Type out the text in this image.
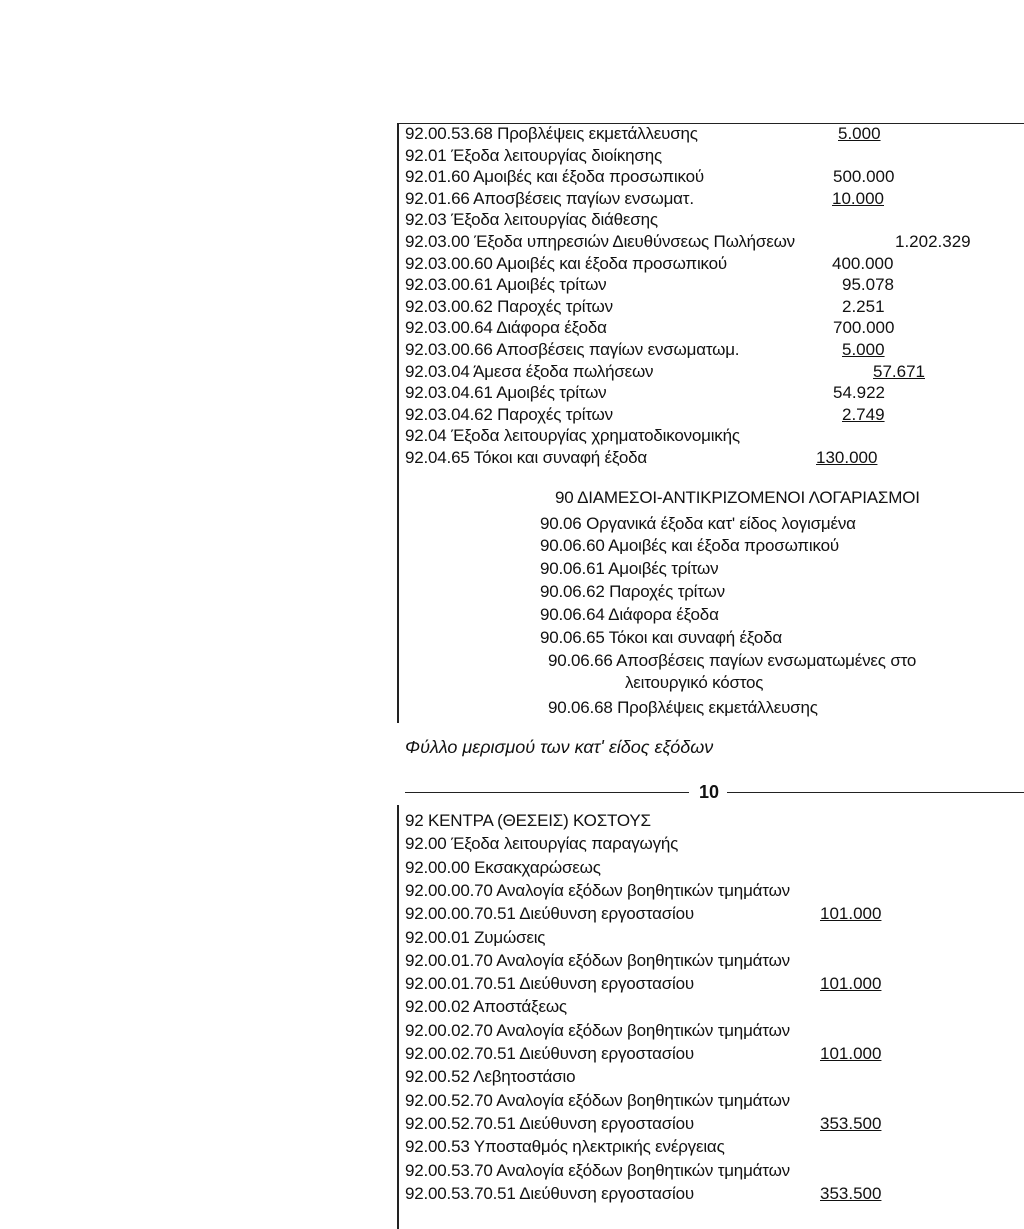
92.00.53.68 Προβλέψεις εκμετάλλευσης	5.000
92.01 Έξοδα λειτουργίας διοίκησης
92.01.60 Αμοιβές και έξοδα προσωπικού	500.000
92.01.66 Αποσβέσεις παγίων ενσωματ.	10.000
92.03 Έξοδα λειτουργίας διάθεσης
92.03.00 Έξοδα υπηρεσιών Διευθύνσεως Πωλήσεων	1.202.329
92.03.00.60 Αμοιβές και έξοδα προσωπικού	400.000
92.03.00.61 Αμοιβές τρίτων	95.078
92.03.00.62 Παροχές τρίτων	2.251
92.03.00.64 Διάφορα έξοδα	700.000
92.03.00.66 Αποσβέσεις παγίων ενσωματωμ.	5.000
92.03.04 Άμεσα έξοδα πωλήσεων	57.671
92.03.04.61 Αμοιβές τρίτων	54.922
92.03.04.62 Παροχές τρίτων	2.749
92.04 Έξοδα λειτουργίας χρηματοδικονομικής
92.04.65 Τόκοι και συναφή έξοδα	130.000
90 ΔΙΑΜΕΣΟΙ-ΑΝΤΙΚΡΙΖΟΜΕΝΟΙ ΛΟΓΑΡΙΑΣΜΟΙ
90.06 Οργανικά έξοδα κατ' είδος λογισμένα
90.06.60 Αμοιβές και έξοδα προσωπικού
90.06.61 Αμοιβές τρίτων
90.06.62 Παροχές τρίτων
90.06.64 Διάφορα έξοδα
90.06.65 Τόκοι και συναφή έξοδα
90.06.66 Αποσβέσεις παγίων ενσωματωμένες στο
λειτουργικό κόστος
90.06.68 Προβλέψεις εκμετάλλευσης
Φύλλο μερισμού των κατ' είδος εξόδων
10
92 ΚΕΝΤΡΑ (ΘΕΣΕΙΣ) ΚΟΣΤΟΥΣ
92.00 Έξοδα λειτουργίας παραγωγής
92.00.00 Εκσακχαρώσεως
92.00.00.70 Αναλογία εξόδων βοηθητικών τμημάτων
92.00.00.70.51 Διεύθυνση εργοστασίου	101.000
92.00.01 Ζυμώσεις
92.00.01.70 Αναλογία εξόδων βοηθητικών τμημάτων
92.00.01.70.51 Διεύθυνση εργοστασίου	101.000
92.00.02 Αποστάξεως
92.00.02.70 Αναλογία εξόδων βοηθητικών τμημάτων
92.00.02.70.51 Διεύθυνση εργοστασίου	101.000
92.00.52 Λεβητοστάσιο
92.00.52.70 Αναλογία εξόδων βοηθητικών τμημάτων
92.00.52.70.51 Διεύθυνση εργοστασίου	353.500
92.00.53 Υποσταθμός ηλεκτρικής ενέργειας
92.00.53.70 Αναλογία εξόδων βοηθητικών τμημάτων
92.00.53.70.51 Διεύθυνση εργοστασίου	353.500
